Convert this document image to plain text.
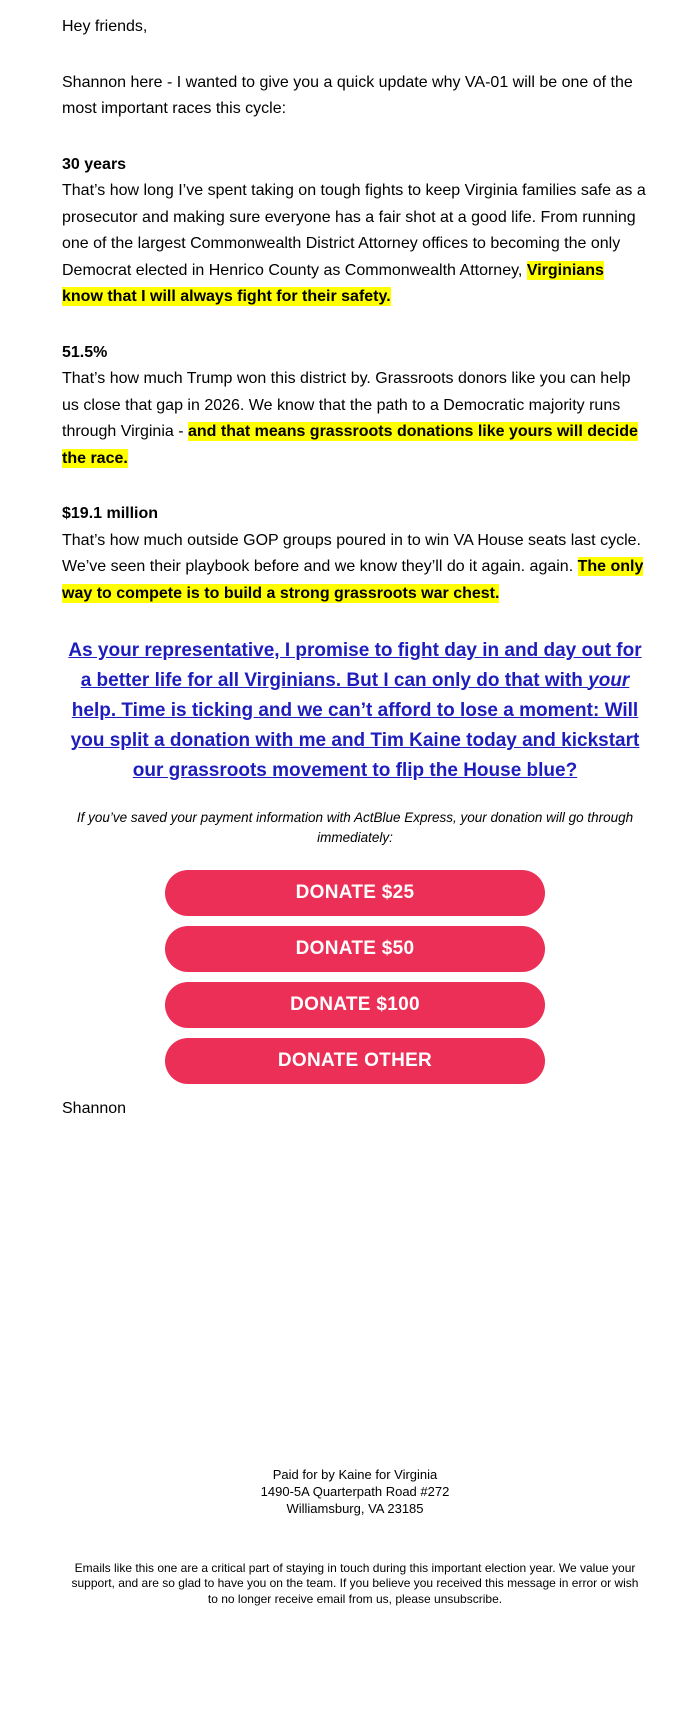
Hey friends,

Shannon here - I wanted to give you a quick update why VA-01 will be one of the most important races this cycle:

30 years
That’s how long I’ve spent taking on tough fights to keep Virginia families safe as a prosecutor and making sure everyone has a fair shot at a good life. From running one of the largest Commonwealth District Attorney offices to becoming the only Democrat elected in Henrico County as Commonwealth Attorney, Virginians know that I will always fight for their safety.

51.5%
That’s how much Trump won this district by. Grassroots donors like you can help us close that gap in 2026. We know that the path to a Democratic majority runs through Virginia - and that means grassroots donations like yours will decide the race.

$19.1 million
That’s how much outside GOP groups poured in to win VA House seats last cycle. We’ve seen their playbook before and we know they’ll do it again. again. The only way to compete is to build a strong grassroots war chest.

As your representative, I promise to fight day in and day out for a better life for all Virginians. But I can only do that with your help. Time is ticking and we can’t afford to lose a moment: Will you split a donation with me and Tim Kaine today and kickstart our grassroots movement to flip the House blue?

If you’ve saved your payment information with ActBlue Express, your donation will go through immediately:

DONATE $25
DONATE $50
DONATE $100
DONATE OTHER

Shannon

Paid for by Kaine for Virginia
1490-5A Quarterpath Road #272
Williamsburg, VA 23185
Emails like this one are a critical part of staying in touch during this important election year. We value your support, and are so glad to have you on the team. If you believe you received this message in error or wish to no longer receive email from us, please unsubscribe.
